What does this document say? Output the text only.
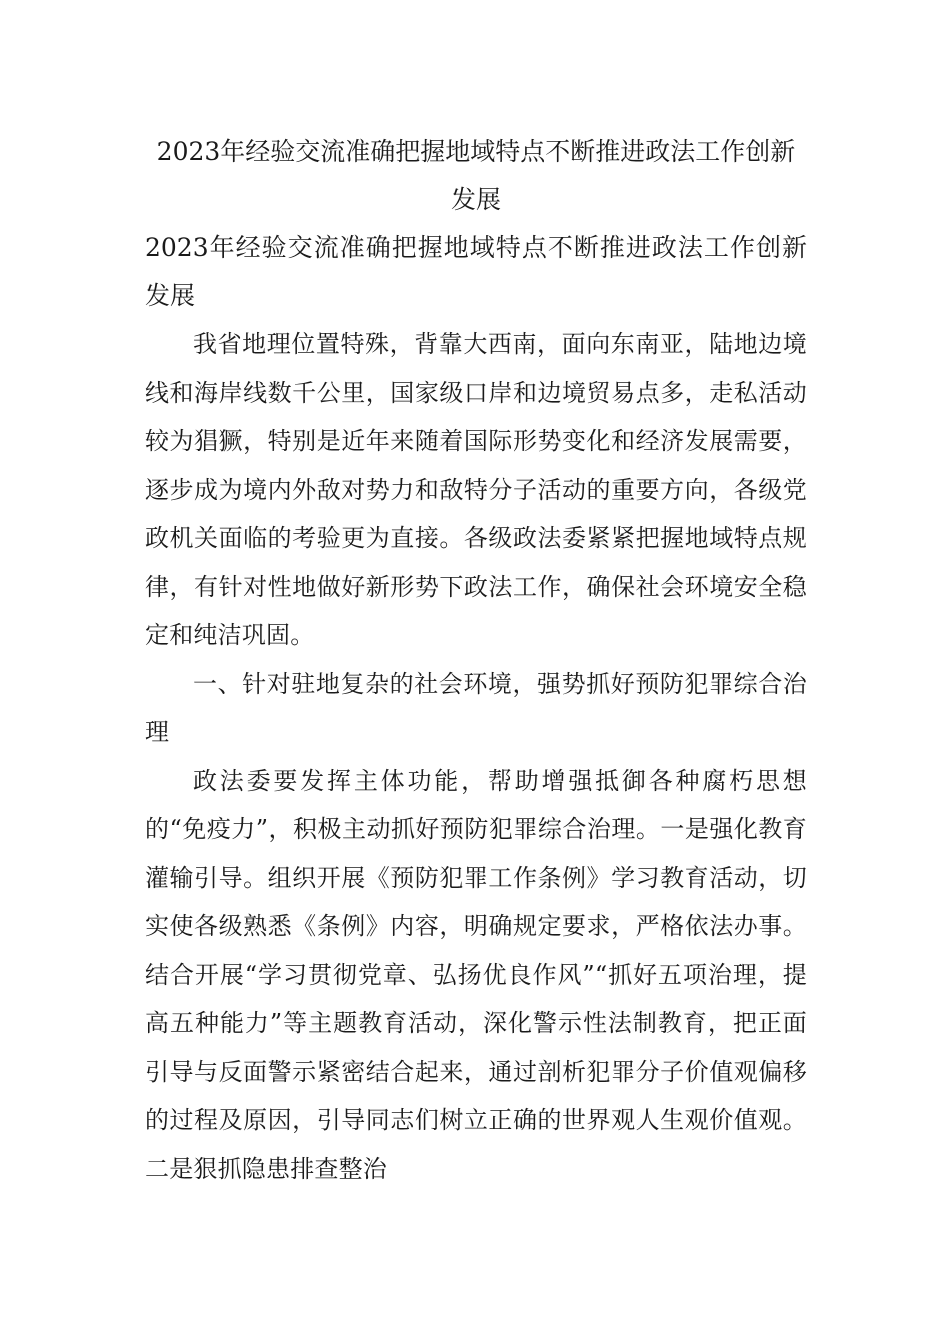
2023年经验交流准确把握地域特点不断推进政法工作创新发展

2023年经验交流准确把握地域特点不断推进政法工作创新发展

我省地理位置特殊，背靠大西南，面向东南亚，陆地边境线和海岸线数千公里，国家级口岸和边境贸易点多，走私活动较为猖獗，特别是近年来随着国际形势变化和经济发展需要，逐步成为境内外敌对势力和敌特分子活动的重要方向，各级党政机关面临的考验更为直接。各级政法委紧紧把握地域特点规律，有针对性地做好新形势下政法工作，确保社会环境安全稳定和纯洁巩固。

一、针对驻地复杂的社会环境，强势抓好预防犯罪综合治理

政法委要发挥主体功能，帮助增强抵御各种腐朽思想的“免疫力”，积极主动抓好预防犯罪综合治理。一是强化教育灌输引导。组织开展《预防犯罪工作条例》学习教育活动，切实使各级熟悉《条例》内容，明确规定要求，严格依法办事。结合开展“学习贯彻党章、弘扬优良作风”“抓好五项治理，提高五种能力”等主题教育活动，深化警示性法制教育，把正面引导与反面警示紧密结合起来，通过剖析犯罪分子价值观偏移的过程及原因，引导同志们树立正确的世界观人生观价值观。二是狠抓隐患排查整治
